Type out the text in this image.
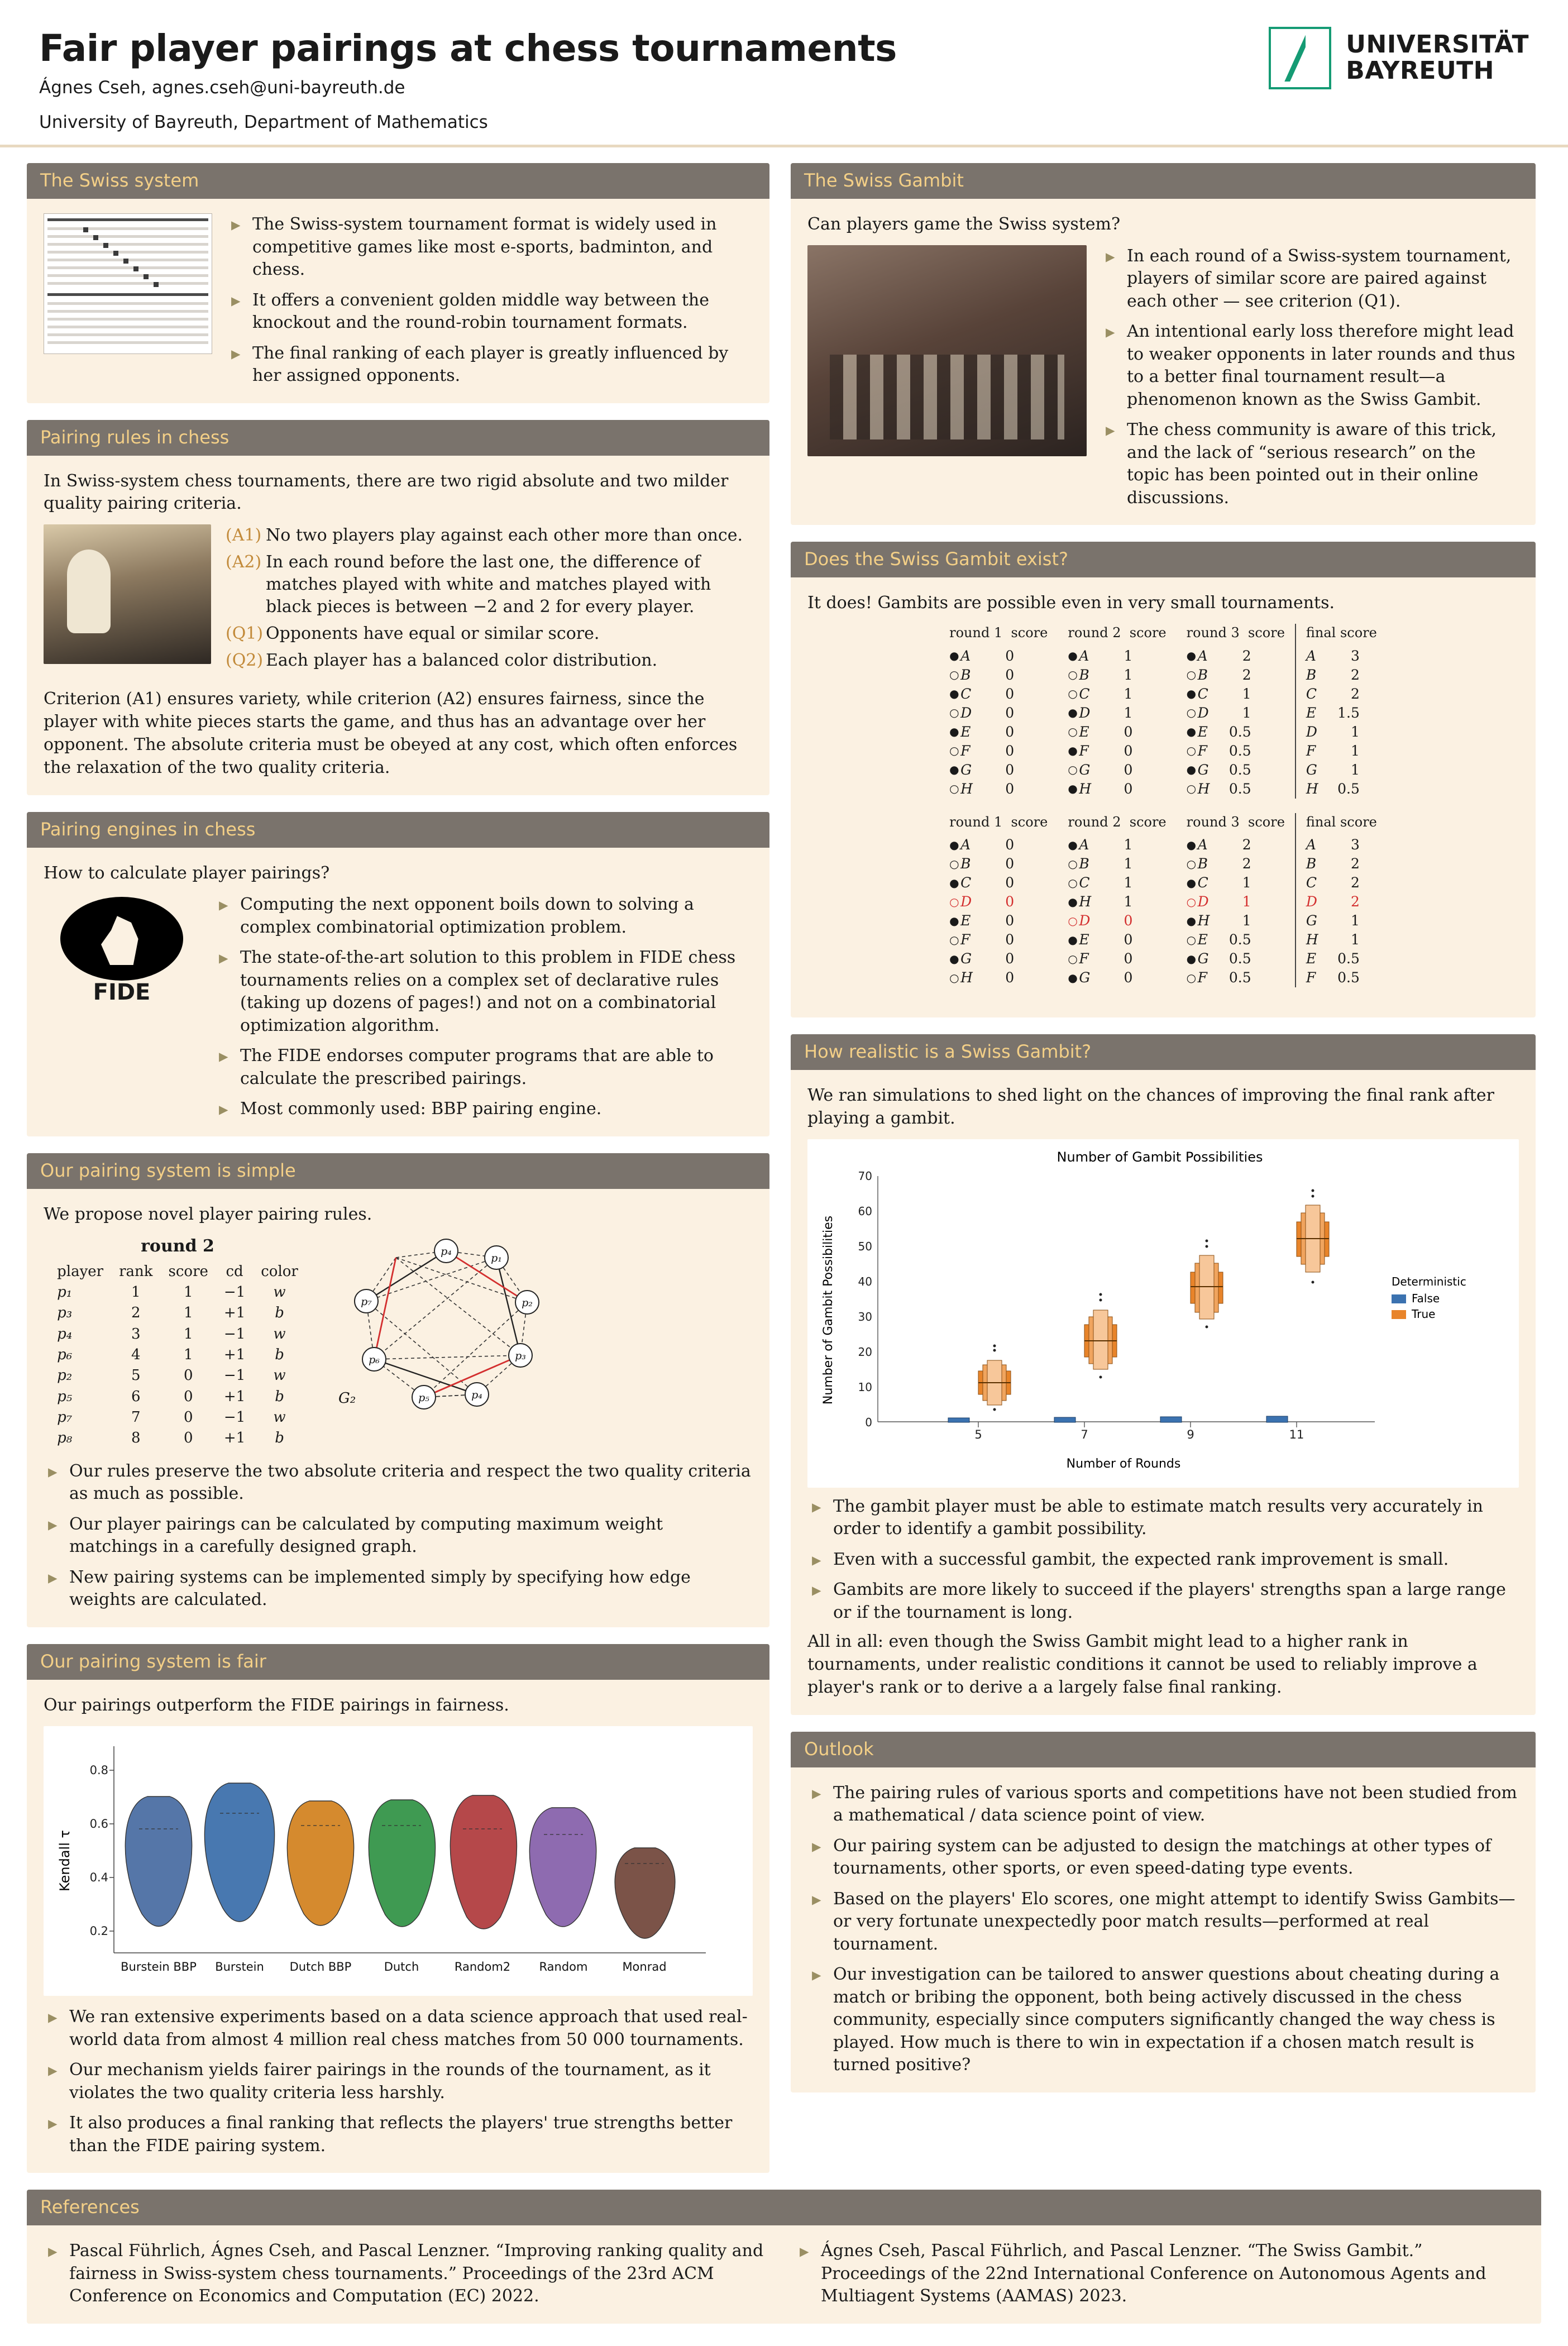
Fair player pairings at chess tournaments

Ágnes Cseh, agnes.cseh@uni-bayreuth.de

University of Bayreuth, Department of Mathematics

UNIVERSITÄT
BAYREUTH
The Swiss system
▸ The Swiss-system tournament format is widely used in competitive games like most e-sports, badminton, and chess.
▸ It offers a convenient golden middle way between the knockout and the round-robin tournament formats.
▸ The final ranking of each player is greatly influenced by her assigned opponents.
Pairing rules in chess

In Swiss-system chess tournaments, there are two rigid absolute and two milder quality pairing criteria.

(A1) No two players play against each other more than once.
(A2) In each round before the last one, the difference of matches played with white and matches played with black pieces is between −2 and 2 for every player.
(Q1) Opponents have equal or similar score.
(Q2) Each player has a balanced color distribution.

Criterion (A1) ensures variety, while criterion (A2) ensures fairness, since the player with white pieces starts the game, and thus has an advantage over her opponent. The absolute criteria must be obeyed at any cost, which often enforces the relaxation of the two quality criteria.

Pairing engines in chess

How to calculate player pairings?

FIDE
▸ Computing the next opponent boils down to solving a complex combinatorial optimization problem.
▸ The state-of-the-art solution to this problem in FIDE chess tournaments relies on a complex set of declarative rules (taking up dozens of pages!) and not on a combinatorial optimization algorithm.
▸ The FIDE endorses computer programs that are able to calculate the prescribed pairings.
▸ Most commonly used: BBP pairing engine.
Our pairing system is simple

We propose novel player pairing rules.

round 2
player	rank	score	cd	color
p₁	1	1	−1	w
p₃	2	1	+1	b
p₄	3	1	−1	w
p₆	4	1	+1	b
p₂	5	0	−1	w
p₅	6	0	+1	b
p₇	7	0	−1	w
p₈	8	0	+1	b
p₄
p₁
p₂
p₃
p₄
p₅
p₆
p₇
G₂
▸ Our rules preserve the two absolute criteria and respect the two quality criteria as much as possible.
▸ Our player pairings can be calculated by computing maximum weight matchings in a carefully designed graph.
▸ New pairing systems can be implemented simply by specifying how edge weights are calculated.
Our pairing system is fair

Our pairings outperform the FIDE pairings in fairness.

Kendall τ
0.2
0.4
0.6
0.8
Burstein BBP Burstein Dutch BBP	Dutch	Random2 Random	Monrad
▸ We ran extensive experiments based on a data science approach that used real-world data from almost 4 million real chess matches from 50 000 tournaments.
▸ Our mechanism yields fairer pairings in the rounds of the tournament, as it violates the two quality criteria less harshly.
▸ It also produces a final ranking that reflects the players' true strengths better than the FIDE pairing system.
The Swiss Gambit

Can players game the Swiss system?

▸ In each round of a Swiss-system tournament, players of similar score are paired against each other — see criterion (Q1).
▸ An intentional early loss therefore might lead to weaker opponents in later rounds and thus to a better final tournament result—a phenomenon known as the Swiss Gambit.
▸ The chess community is aware of this trick, and the lack of “serious research” on the topic has been pointed out in their online discussions.
Does the Swiss Gambit exist?

It does! Gambits are possible even in very small tournaments.

round 1 score
● A	0
○ B	0
● C	0
○ D	0
● E	0
○ F	0
● G	0
○ H	0
round 2 score
● A	1
○ B	1
○ C	1
● D	1
○ E	0
● F	0
○ G	0
● H	0
round 3 score
● A	2
○ B	2
● C	1
○ D	1
● E	0.5
○ F	0.5
● G	0.5
○ H	0.5
final score
A	3
B	2
C	2
E	1.5
D	1
F	1
G	1
H	0.5
round 1 score
● A	0
○ B	0
● C	0
○ D	0
● E	0
○ F	0
● G	0
○ H	0
round 2 score
● A	1
○ B	1
○ C	1
● H	1
○ D	0
● E	0
○ F	0
● G	0
round 3 score
● A	2
○ B	2
● C	1
○ D	1
● H	1
○ E	0.5
● G	0.5
○ F	0.5
final score
A	3
B	2
C	2
D	2
G	1
H	1
E	0.5
F	0.5
How realistic is a Swiss Gambit?

We ran simulations to shed light on the chances of improving the final rank after playing a gambit.

Number of Gambit Possibilities
Number of Gambit Possibilities
Number of Rounds
0
10
20
30
40
50
60
70
5	7	9	11
Deterministic
False
True
▸ The gambit player must be able to estimate match results very accurately in order to identify a gambit possibility.
▸ Even with a successful gambit, the expected rank improvement is small.
▸ Gambits are more likely to succeed if the players' strengths span a large range or if the tournament is long.

All in all: even though the Swiss Gambit might lead to a higher rank in tournaments, under realistic conditions it cannot be used to reliably improve a player's rank or to derive a a largely false final ranking.

Outlook
▸ The pairing rules of various sports and competitions have not been studied from a mathematical / data science point of view.
▸ Our pairing system can be adjusted to design the matchings at other types of tournaments, other sports, or even speed-dating type events.
▸ Based on the players' Elo scores, one might attempt to identify Swiss Gambits—or very fortunate unexpectedly poor match results—performed at real tournament.
▸ Our investigation can be tailored to answer questions about cheating during a match or bribing the opponent, both being actively discussed in the chess community, especially since computers significantly changed the way chess is played. How much is there to win in expectation if a chosen match result is turned positive?
References
▸ Pascal Führlich, Ágnes Cseh, and Pascal Lenzner. “Improving ranking quality and fairness in Swiss-system chess tournaments.” Proceedings of the 23rd ACM Conference on Economics and Computation (EC) 2022.
▸ Ágnes Cseh, Pascal Führlich, and Pascal Lenzner. “The Swiss Gambit.” Proceedings of the 22nd International Conference on Autonomous Agents and Multiagent Systems (AAMAS) 2023.
